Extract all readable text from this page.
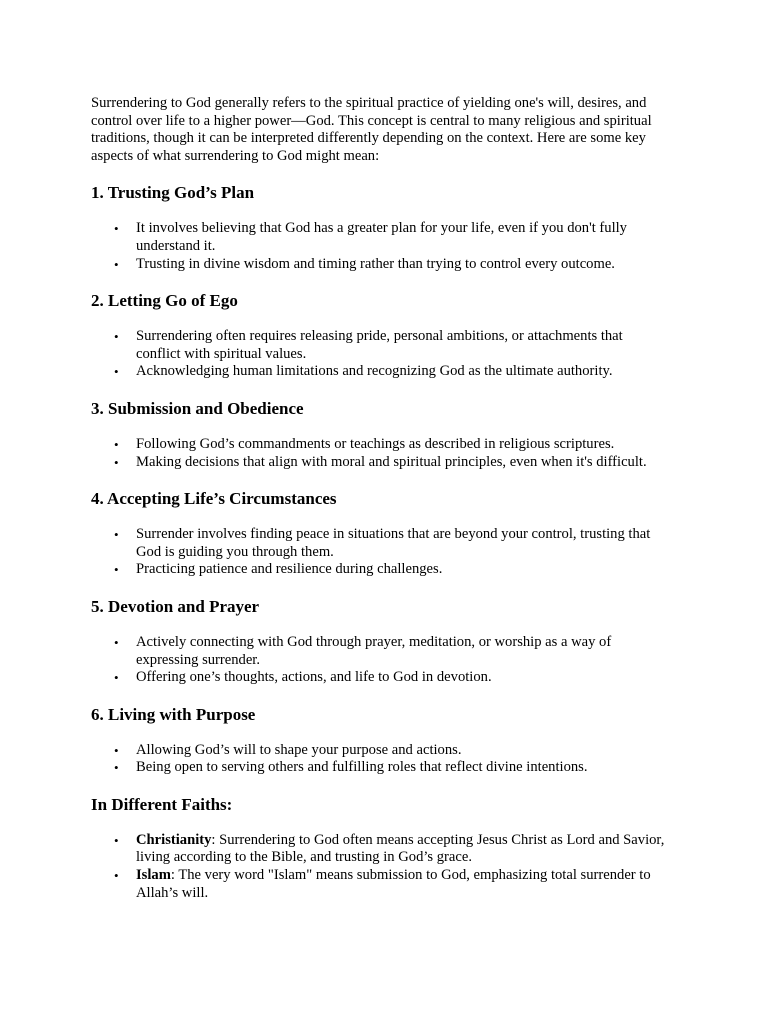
Surrendering to God generally refers to the spiritual practice of yielding one's will, desires, and control over life to a higher power—God. This concept is central to many religious and spiritual traditions, though it can be interpreted differently depending on the context. Here are some key aspects of what surrendering to God might mean:

1. Trusting God’s Plan
• It involves believing that God has a greater plan for your life, even if you don't fully understand it.
• Trusting in divine wisdom and timing rather than trying to control every outcome.
2. Letting Go of Ego
• Surrendering often requires releasing pride, personal ambitions, or attachments that conflict with spiritual values.
• Acknowledging human limitations and recognizing God as the ultimate authority.
3. Submission and Obedience
• Following God’s commandments or teachings as described in religious scriptures.
• Making decisions that align with moral and spiritual principles, even when it's difficult.
4. Accepting Life’s Circumstances
• Surrender involves finding peace in situations that are beyond your control, trusting that God is guiding you through them.
• Practicing patience and resilience during challenges.
5. Devotion and Prayer
• Actively connecting with God through prayer, meditation, or worship as a way of expressing surrender.
• Offering one’s thoughts, actions, and life to God in devotion.
6. Living with Purpose
• Allowing God’s will to shape your purpose and actions.
• Being open to serving others and fulfilling roles that reflect divine intentions.
In Different Faiths:
• Christianity: Surrendering to God often means accepting Jesus Christ as Lord and Savior, living according to the Bible, and trusting in God’s grace.
• Islam: The very word "Islam" means submission to God, emphasizing total surrender to Allah’s will.
